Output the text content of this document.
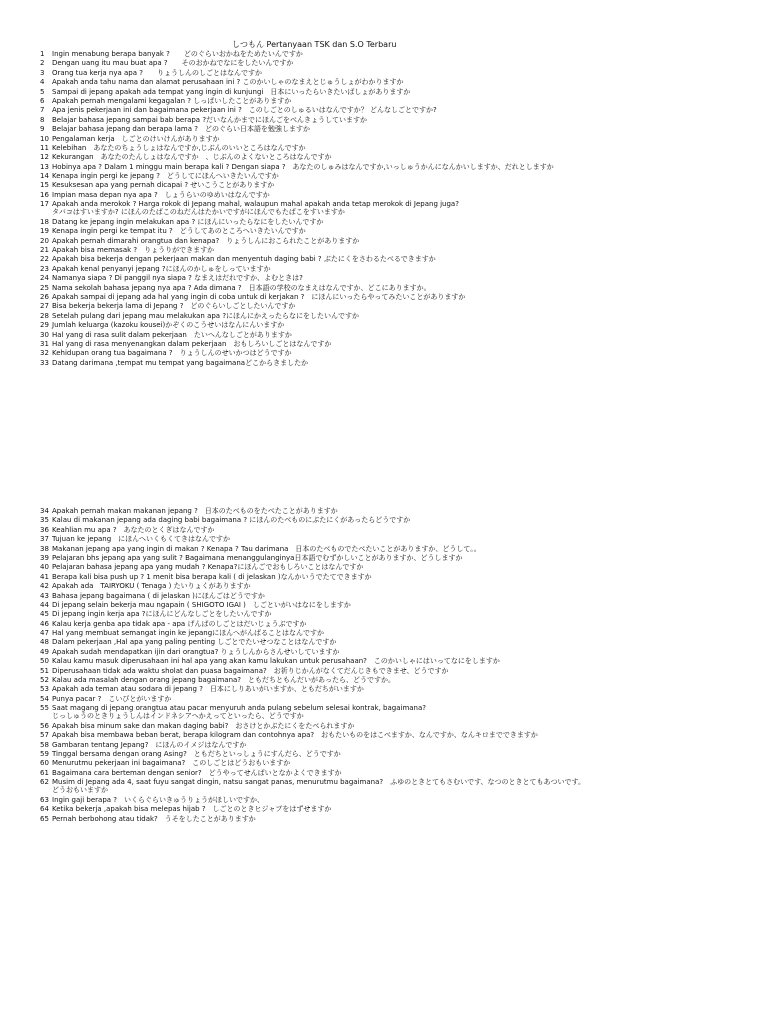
しつもん Pertanyaan TSK dan S.O Terbaru
1	Ingin menabung berapa banyak ?　　どのぐらいおかねをためたいんですか
2	Dengan uang itu mau buat apa ?　　そのおかねでなにをしたいんですか
3	Orang tua kerja nya apa ?　　りょうしんのしごとはなんですか
4	Apakah anda tahu nama dan alamat perusahaan ini ? このかいしゃのなまえとじゅうしょがわかりますか
5	Sampai di jepang apakah ada tempat yang ingin di kunjungi　日本にいったらいきたいばしょがありますか
6	Apakah pernah mengalami kegagalan ? しっぱいしたことがありますか
7	Apa jenis pekerjaan ini dan bagaimana pekerjaan ini ?　このしごとのしゅるいはなんですか？ どんなしごとですか?
8	Belajar bahasa jepang sampai bab berapa ?だいなんかまでにほんごをべんきょうしていますか
9	Belajar bahasa jepang dan berapa lama ?　どのぐらい日本語を勉強しますか
10 Pengalaman kerja　しごとのけいけんがありますか
11 Kelebihan　あなたのちょうしょはなんですか,じぶんのいいところはなんですか
12 Kekurangan　あなたのたんしょはなんですか　、じぶんのよくないところはなんですか
13 Hobinya apa ? Dalam 1 minggu main berapa kali ? Dengan siapa ?　あなたのしゅみはなんですか,いっしゅうかんになんかいしますか、だれとしますか
14 Kenapa ingin pergi ke jepang ?　どうしてにほんへいきたいんですか
15 Kesuksesan apa yang pernah dicapai ? せいこうことがありますか
16 Impian masa depan nya apa ?　しょうらいのゆめいはなんですか
17 Apakah anda merokok ? Harga rokok di Jepang mahal, walaupun mahal apakah anda tetap merokok di Jepang juga?
タバコはすいますか? にほんのたばこのねだんはたかいですがにほんでもたばこをすいますか
18 Datang ke jepang ingin melakukan apa ? にほんにいったらなにをしたいんですか
19 Kenapa ingin pergi ke tempat itu ?　どうしてあのところへいきたいんですか
20 Apakah pernah dimarahi orangtua dan kenapa?　りょうしんにおこられたことがありますか
21 Apakah bisa memasak ?　りょうりができますか
22 Apakah bisa bekerja dengan pekerjaan makan dan menyentuh daging babi ? ぶたにくをさわるたべるできますか
23 Apakah kenal penyanyi jepang ?にほんのかしゅをしっていますか
24 Namanya siapa ? Di panggil nya siapa ? なまえはだれですか、よむときは?
25 Nama sekolah bahasa jepang nya apa ? Ada dimana ?　日本語の学校のなまえはなんですか、どこにありますか。
26 Apakah sampai di jepang ada hal yang ingin di coba untuk di kerjakan ?　にほんにいったらやってみたいことがありますか
27 Bisa bekerja bekerja lama di Jepang ?　どのぐらいしごとしたいんですか
28 Setelah pulang dari jepang mau melakukan apa ?にほんにかえったらなにをしたいんですか
29 Jumlah keluarga (kazoku kousei)かぞくのこうせいはなんにんいますか
30 Hal yang di rasa sulit dalam pekerjaan　たいへんなしごとがありますか
31 Hal yang di rasa menyenangkan dalam pekerjaan　おもしろいしごとはなんですか
32 Kehidupan orang tua bagaimana ?　りょうしんのせいかつはどうですか
33 Datang darimana ,tempat mu tempat yang bagaimanaどこからきましたか
34 Apakah pernah makan makanan jepang ?　日本のたべものをたべたことがありますか
35 Kalau di makanan jepang ada daging babi bagaimana ? にほんのたべものにぶたにくがあったらどうですか
36 Keahlian mu apa ?　あなたのとくぎはなんですか
37 Tujuan ke jepang　にほんへいくもくてきはなんですか
38 Makanan jepang apa yang ingin di makan ? Kenapa ? Tau darimana　日本のたべものでたべたいことがありますか、どうして。。
39 Pelajaran bhs jepang apa yang sulit ? Bagaimana menanggulanginya日本語でむずかしいことがありますか、どうしますか
40 Pelajaran bahasa jepang apa yang mudah ? Kenapa?にほんごでおもしろいことはなんですか
41 Berapa kali bisa push up ? 1 menit bisa berapa kali ( di jelaskan )なんかいうでたてできますか
42 Apakah ada　TAIRYOKU ( Tenaga ) たいりょくがありますか
43 Bahasa jepang bagaimana ( di jelaskan )にほんごはどうですか
44 Di jepang selain bekerja mau ngapain ( SHIGOTO IGAI )　しごといがいはなにをしますか
45 Di jepang ingin kerja apa ?にほんにどんなしごとをしたいんですか
46 Kalau kerja genba apa tidak apa - apa げんばのしごとはだいじょうぶですか
47 Hal yang membuat semangat ingin ke jepangにほんへがんばることはなんですか
48 Dalam pekerjaan ,Hal apa yang paling penting しごとでたいせつなことはなんですか
49 Apakah sudah mendapatkan ijin dari orangtua? りょうしんからさんせいしていますか
50 Kalau kamu masuk diperusahaan ini hal apa yang akan kamu lakukan untuk perusahaan?　このかいしゃにはいってなにをしますか
51 Diperusahaan tidak ada waktu sholat dan puasa bagaimana?　お祈りじかんがなくてだんじきもできませ、どうですか
52 Kalau ada masalah dengan orang jepang bagaimana?　ともだちともんだいがあったら、どうですか。
53 Apakah ada teman atau sodara di jepang ?　日本にしりあいがいますか、ともだちがいますか
54 Punya pacar ?　こいびとがいますか
55 Saat magang di jepang orangtua atau pacar menyuruh anda pulang sebelum selesai kontrak, bagaimana?
じっしゅうのときりょうしんはインドネシアへかえってといったら、どうですか
56 Apakah bisa minum sake dan makan daging babi?　おさけとかぶたにくをたべられますか
57 Apakah bisa membawa beban berat, berapa kilogram dan contohnya apa?　おもたいものをはこべますか、なんですか、なんキロまでできますか
58 Gambaran tentang Jepang?　にほんのイメジはなんですか
59 Tinggal bersama dengan orang Asing?　ともだちといっしょうにすんだら、どうですか
60 Menurutmu pekerjaan ini bagaimana?　このしごとはどうおもいますか
61 Bagaimana cara berteman dengan senior?　どうやってせんぱいとなかよくできますか
62 Musim di Jepang ada 4, saat fuyu sangat dingin, natsu sangat panas, menurutmu bagaimana?　ふゆのときとてもさむいです、なつのときとてもあついです。
どうおもいますか
63 Ingin gaji berapa ?　いくらぐらいきゅうりょうがほしいですか、
64 Ketika bekerja ,apakah bisa melepas hijab ?　しごとのときヒジャブをはずせますか
65 Pernah berbohong atau tidak?　うそをしたことがありますか
